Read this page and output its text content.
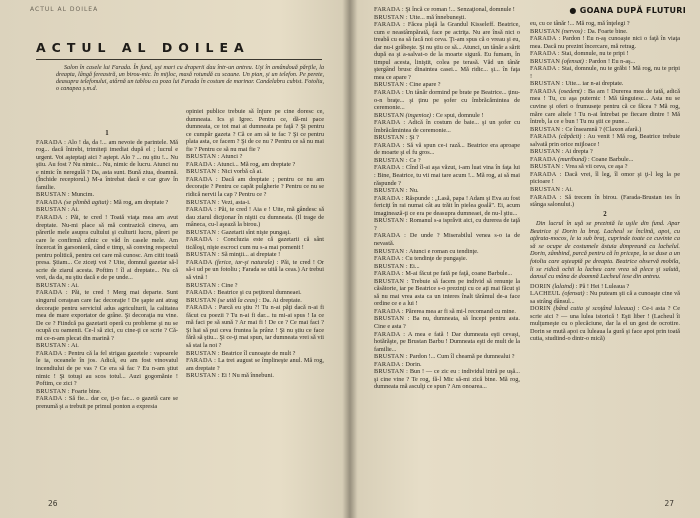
ACTUL AL DOILEA
ACTUL AL DOILEA
Salon în casele lui Farada. În fund, uşi mari cu draperii dau într-un antreu. Uşi în amândouă părţile, la dreapta, lângă fereastră, un birou-mic. În mijloc, masă rotundă cu scaune. Un pian, şi un telefon. Pe perete, deasupra telefonului, atârnă un tablou cu poza lui Farada în costum de marinar. Candelabru cubist. Fotoliu, o canapea ș.m.d.

1

FARADA : Alo ! da, da !... am nevoie de parintele. Mă rog... dacă întrebi, trimiteţi imediat după el ; lucrul e urgent. Voi aşteptaţi aici ? aştept. Alo ? ... nu ştiu !... Nu ştiu. Au fost ? Nu nimic... Nu, nimic de lucru. Atunci nu e nimic în neregulă ? Da, asta sunt. Bună ziua, doamnă. (Închide receptorul.) M-a întrebat dacă e car grav în familie.

BRUSTAN : Muncim.

FARADA (se plimbă agitat) : Mă rog, am dreptate ?

BRUSTAN : Ai.

FARADA : Păi, te cred ! Toată viaţa mea am avut dreptate. Nu-mi place să mă contrazică cineva, am părerile mele asupra cultului şi culturii lucru, păreri pe care le confirmă zilnic ce văd în casele mele. Am încercat în garsonieră, când e timp, să conving respectul pentru politică, pentru cei care mă cunosc. Am citit toată presa. Ştiam... Ce ziceţi voi ? Uite, domnul gazetar să-l scrie de ziarul acesta. Poftim ! îl ai dreptate... Nu că vrei, da da, nu ştiu dacă e de pe unde...

BRUSTAN : Ai.

FARADA : Păi, te cred ! Merg mai departe. Sunt singurul ceraţean care fac decoraţie ! De şapte ani atrag decoraţie pentru serviciul adus agriculturii, la calitatea mea de mare exportator de grâne. Şi decoraţia nu vine. De ce ? Fiindcă pa gazetarii operă cu probleme şi nu se ocupă cu oamenii. Ce-l să zici, cu cine-ţi ce scrie ? Că-mi ce-n-am plecat din marină ?

BRUSTAN : Ai.

FARADA : Pentru că la fel strigau gazetele : vapoarele le ia, oceanele în jos. Adică, eu am fost vinovatul incendiului de pe vas ? Ce era să fac ? Eu n-am ştiut nimic ! Şi totuşi au scos totul... Auzi gogomănie ! Poftim, ce zici ?

BRUSTAN : Foarte bine.

FARADA : Să fie... dar ce, ţi-o fac... o gazetă care se prenumă şi a trebuit pe primul ponton a expresia

opiniei publice trebuie să înjure pe cine doresc ce, dumneata. Ics şi Igrec. Pentru ce, dă-mi pace dumneata, ce tot mai ai dumneata pe faţă ? Şi pentru ce cumpăr gazeta ? Că ce am să te fac ? Şi ce pentru plata asta, ce facem ? Şi de ce nu ? Pentru ce să nu mai fie ? Pentru ce să nu mai fie ?

BRUSTAN : Atunci ?

FARADA : Atunci... Mă rog, am dreptate ?

BRUSTAN : Nici vorbă că ai.

FARADA : Dacă am dreptate ; pentru ce nu am decorație ? Pentru ce capăt pulgherie ? Pentru ce nu se ridică nervii la cap ? Pentru ce ?

BRUSTAN : Vezi, asta-i.

FARADA : Păi, te cred ! Aia e ! Uite, mă gândesc să dau ziarul dicţionar în niştii cu dumneata. (Il trage de mâneca, cu-l aşează la birou.)

BRUSTAN : Gazetarii sînt nişte pungaşi.

FARADA : Concluzia este că gazetarii că sânt ticăloşi, nişte escroci cum nu s-a mai pomenit !

BRUSTAN : Să minţii... ai dreptate !

FARADA (ferice, iar-şi naturale) : Păi, te cred ! Or să-i ud pe un fotoliu ; Farada se uită la ceas.) Ar trebui să vină !

BRUSTAN : Cine ?

FARADA : Beatrice şi cu peţitorul dumneaei.

BRUSTAN (se uită la ceas) : Da. Ai dreptate.

FARADA : Parcă eu ştiu ?! Tu n-ai păţi dacă n-ai fi făcut cu poezii ? Tu n-ai fi dar... tu mi-ai spus ! Ia ce mă faci pe să sună ? Ar mai fi ! De ce ? Ce mai faci ? Şi hai să pui ceva fruntea la prânz ! Şi nu ştiu ce face fără să ştiu... Şi ce-ţi mai spun, iar dumneata vrei să vii să stai la noi ?

BRUSTAN : Beatrice îl cunoaşte de mult ?

FARADA : La trei august se împlineşte anul. Mă rog, am dreptate ?

BRUSTAN : Ei ! Nu mă înnebuni.

26
● GOANA DUPĂ FLUTURI

FARADA : Şi încă ce roman !... Senzaţional, domnule !

BRUSTAN : Uite... mă înnebuneşti.

FARADA : Făcea plajă la Grandul Kisseleff. Beatrice, cum e neastâmpărată, face pe actriţa. Nu are însă nici o treabă cu ea să facă noi ceva. Ţi-am spus că o vreau şi eu, dar nu-i grăbeşte. Şi nu ştiu ce să... Atunci, un tânăr a sărit după ea şi a-salvat-o de la moarte sigură. Eu fumam, în timpul acesta, liniştit, colea pe terasă. Văd un tânăr ştergând brusc dinaintea casei... Mă ridic... şi... în faţa mea ce apare ?

BRUSTAN : Cine apare ?

FARADA : Un tânăr dormind pe brate pe Beatrice... ţinu-o-n braţe... şi ţinu pe şofer cu îmbrăcămintea de ceremonie...

BRUSTAN (ingenioz) : Ce spui, domnule !

FARADA : Adică în costum de baie... şi un şofer cu îmbrăcămintea de ceremonie...

BRUSTAN : Şi ?

FARADA : Să vă spun ce-i rază... Beatrice era aproape de moarte şi el fu gros...

BRUSTAN : Ce ?

FARADA : Cînd îl-ai aşa văzut, i-am luat vina în faţa lui : Bine, Beatrice, tu vii mai tare acum !... Mă rog, ai să mai răspunde ?

BRUSTAN : Nu.

FARADA : Răspunde : „Lasă, papa ! Adam şi Eva au fost fericiţi în rai numai cât au trăit în pielea goală". Ei, acum imaginează-ţi ce era pe deasupra dumneaei, de nu-l ştiu...

BRUSTAN : Romanul s-a isprăvit aici, cu durerea de taţă ?

FARADA : De unde ? Miserabilul venea s-o ia de nevastă.

BRUSTAN : Atunci e roman cu tendinţe.

FARADA : Cu tendinţe de pungaşie.

BRUSTAN : Ei...

FARADA : M-ai făcut pe fată pe faţă, coane Barbule...

BRUSTAN : Trebuie să facem pe individ să renunţe la căsătorie, iar pe Beatrice s-o prezinţi cu ce aţi mai făcut şi să nu mai vrea asta ca un interes înalt tărâmul de-a face ordine ce e a lui !

FARADA : Părerea mea ar fi să mi-l recomand cu mine.

BRUSTAN : Ba nu, dumneata, să începi pentru asta. Cine e asta ?

FARADA : A mea e fată ! Dar dumneata eşti cevaşi, hotărăşte, pe Brustan Barbu ! Dumneata eşti de mult de la familie...

BRUSTAN : Pardon !... Cum îl cheamă pe dumnealui ?

FARADA : Dorin.

BRUSTAN : Bun ! — ce zic eu : individul intră pe uşă... şi cine vine ? Te rog, fă-l Mic să-mi zică bine. Mă rog, dumneata mă asculţi ce spun ? Am onoarea...

eu, cu ce tânăr !... Mă rog, mă înţelegi ?

BRUSTAN (nervos) : Da. Foarte bine.

FARADA : Pardon ! Eu n-aş cunoaşte nici o faţă în viaţa mea. Dacă nu prezint încercare, mă retrag.

FARADA : Stai, domnule, nu te pripi !

BRUSTAN (ofensat) : Pardon ! Eu n-aş...

FARADA : Stai, domnule, nu te grăbi ! Mă rog, nu te pripi !

BRUSTAN : Uite... iar n-ai dreptate.

FARADA (osedent) : Ba am ! Durerea mea de tată, adică mea ! Tu, cu aşa puternic ! Mă tânguiesc... Asta nu se cuvine şi oferi o frumuseţe pentru că ce făcea ? Mă rog, măre care altele ! Tu n-ai întrebat pe fiecare dintre ! Mă întreb, la ce e bun ! Tu nu ştii ce pune...

BRUSTAN : Ce înseamnă ? (Claxon afară.)

FARADA (căpăcit) : Au venit ! Mă rog, Beatrice trebuie salvată prin orice mijloace !

BRUSTAN : Ai drepta ?

FARADA (muribund) : Coane Barbule...

BRUSTAN : Vrea să vii ceva, ce aşa ?

FARADA : Dacă vrei, îl leg, îl omor şi ţi-l leg la pe picioare !

BRUSTAN : Ai.

FARADA : Să trecem în birou. (Farada-Brustan ies în stânga salonului.)

2

Din lucrul în uşă se prezintă la uşile din fund. Apar Beatrice şi Dorin la braţ. Lacheul se înclină, apoi, cu aţărata-mocos, le ia sub braţ, cuprinde toate ce cuvinte ca să se ocupe de costumele ăstuia dimpreună cu lachelul. Dorin, zâmbind, parcă pentru că în pricepe, la se duse a un fotoliu care aşteaptă pe dreapta. Beatrice observă mobila, îi se ridică ochii la lacheu care vrea să plece şi salută, dansul cu mâna de doamnă Lacheul iese din antreu.

DORIN (lalaind) : Pă ! Hei ! Luleaua ?

LACHEUL (ofensat) : Nu puteam şti că a cunoaşte cine vă sa strâng dânsul...

DORIN (bând cutia şi scoţând luleaua) : Ce-i asta ? Ce scrie aici ? — una lulea istorică ! Eşti liber ! (Lacheul îi mulţumeşte cu o plecăciune, dar la el un gest de ocrotire. Dorin se mută apoi cu luleaua la gură şi face apoi prin toată cutia, studiind-o dintr-o mică)

27
